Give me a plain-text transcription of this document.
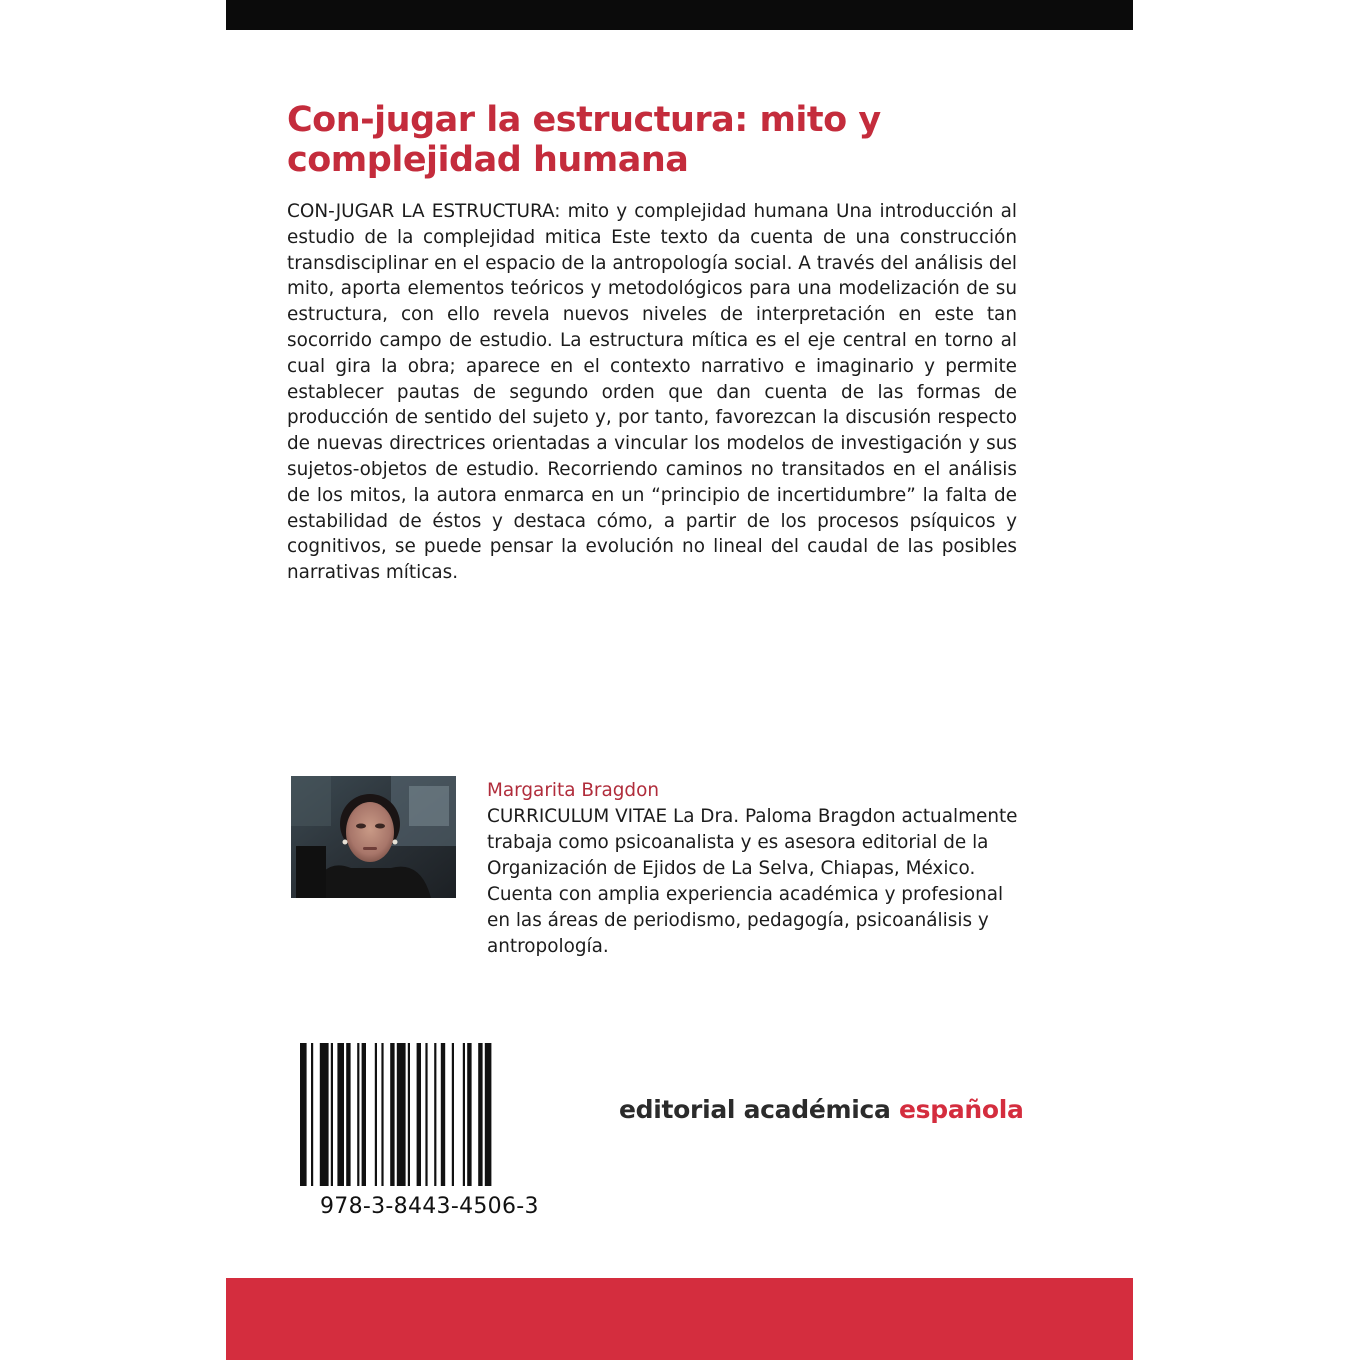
Con-jugar la estructura: mito y complejidad humana

CON-JUGAR LA ESTRUCTURA: mito y complejidad humana Una introducción al estudio de la complejidad mitica Este texto da cuenta de una construcción transdisciplinar en el espacio de la antropología social. A través del análisis del mito, aporta elementos teóricos y metodológicos para una modelización de su estructura, con ello revela nuevos niveles de interpretación en este tan socorrido campo de estudio. La estructura mítica es el eje central en torno al cual gira la obra; aparece en el contexto narrativo e imaginario y permite establecer pautas de segundo orden que dan cuenta de las formas de producción de sentido del sujeto y, por tanto, favorezcan la discusión respecto de nuevas directrices orientadas a vincular los modelos de investigación y sus sujetos-objetos de estudio. Recorriendo caminos no transitados en el análisis de los mitos, la autora enmarca en un “principio de incertidumbre” la falta de estabilidad de éstos y destaca cómo, a partir de los procesos psíquicos y cognitivos, se puede pensar la evolución no lineal del caudal de las posibles narrativas míticas.

Margarita Bragdon

CURRICULUM VITAE La Dra. Paloma Bragdon actualmente trabaja como psicoanalista y es asesora editorial de la Organización de Ejidos de La Selva, Chiapas, México. Cuenta con amplia experiencia académica y profesional en las áreas de periodismo, pedagogía, psicoanálisis y antropología.

978-3-8443-4506-3

editorial académica española
